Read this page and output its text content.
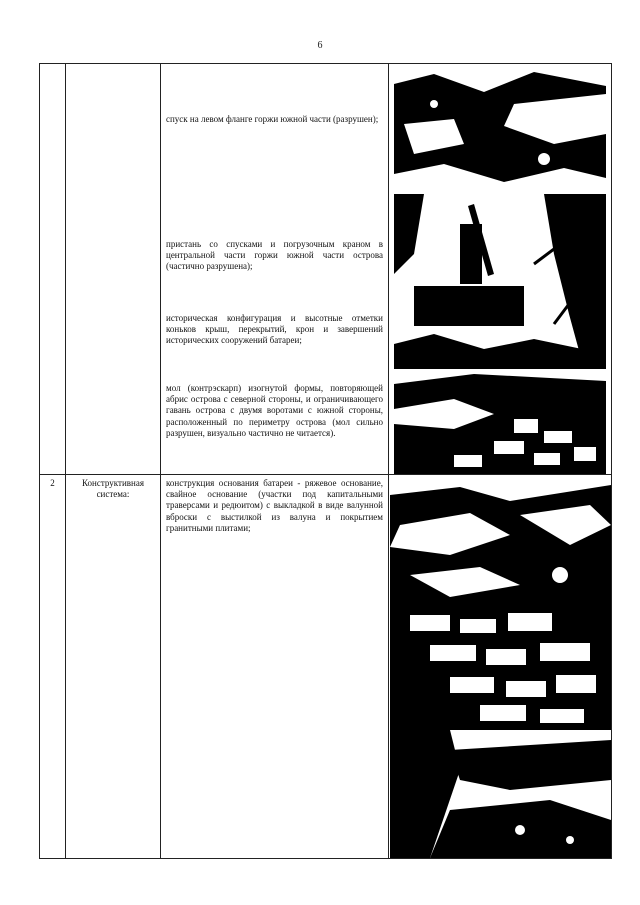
6
спуск на левом фланге горжи южной части (разрушен);
пристань со спусками и погрузочным краном в центральной части горжи южной части острова (частично разрушена);
историческая конфигурация и высотные отметки коньков крыш, перекрытий, крон и завершений исторических сооружений батареи;
мол (контрэскарп) изогнутой формы, повторяющей абрис острова с северной стороны, и ограничивающего гавань острова с двумя воротами с южной стороны, расположенный по периметру острова (мол сильно разрушен, визуально частично не читается).
2	Конструктивная система:
конструкция основания батареи - ряжевое основание, свайное основание (участки под капитальными траверсами и редюитом) с выкладкой в виде валунной вброски с выстилкой из валуна и покрытием гранитными плитами;
